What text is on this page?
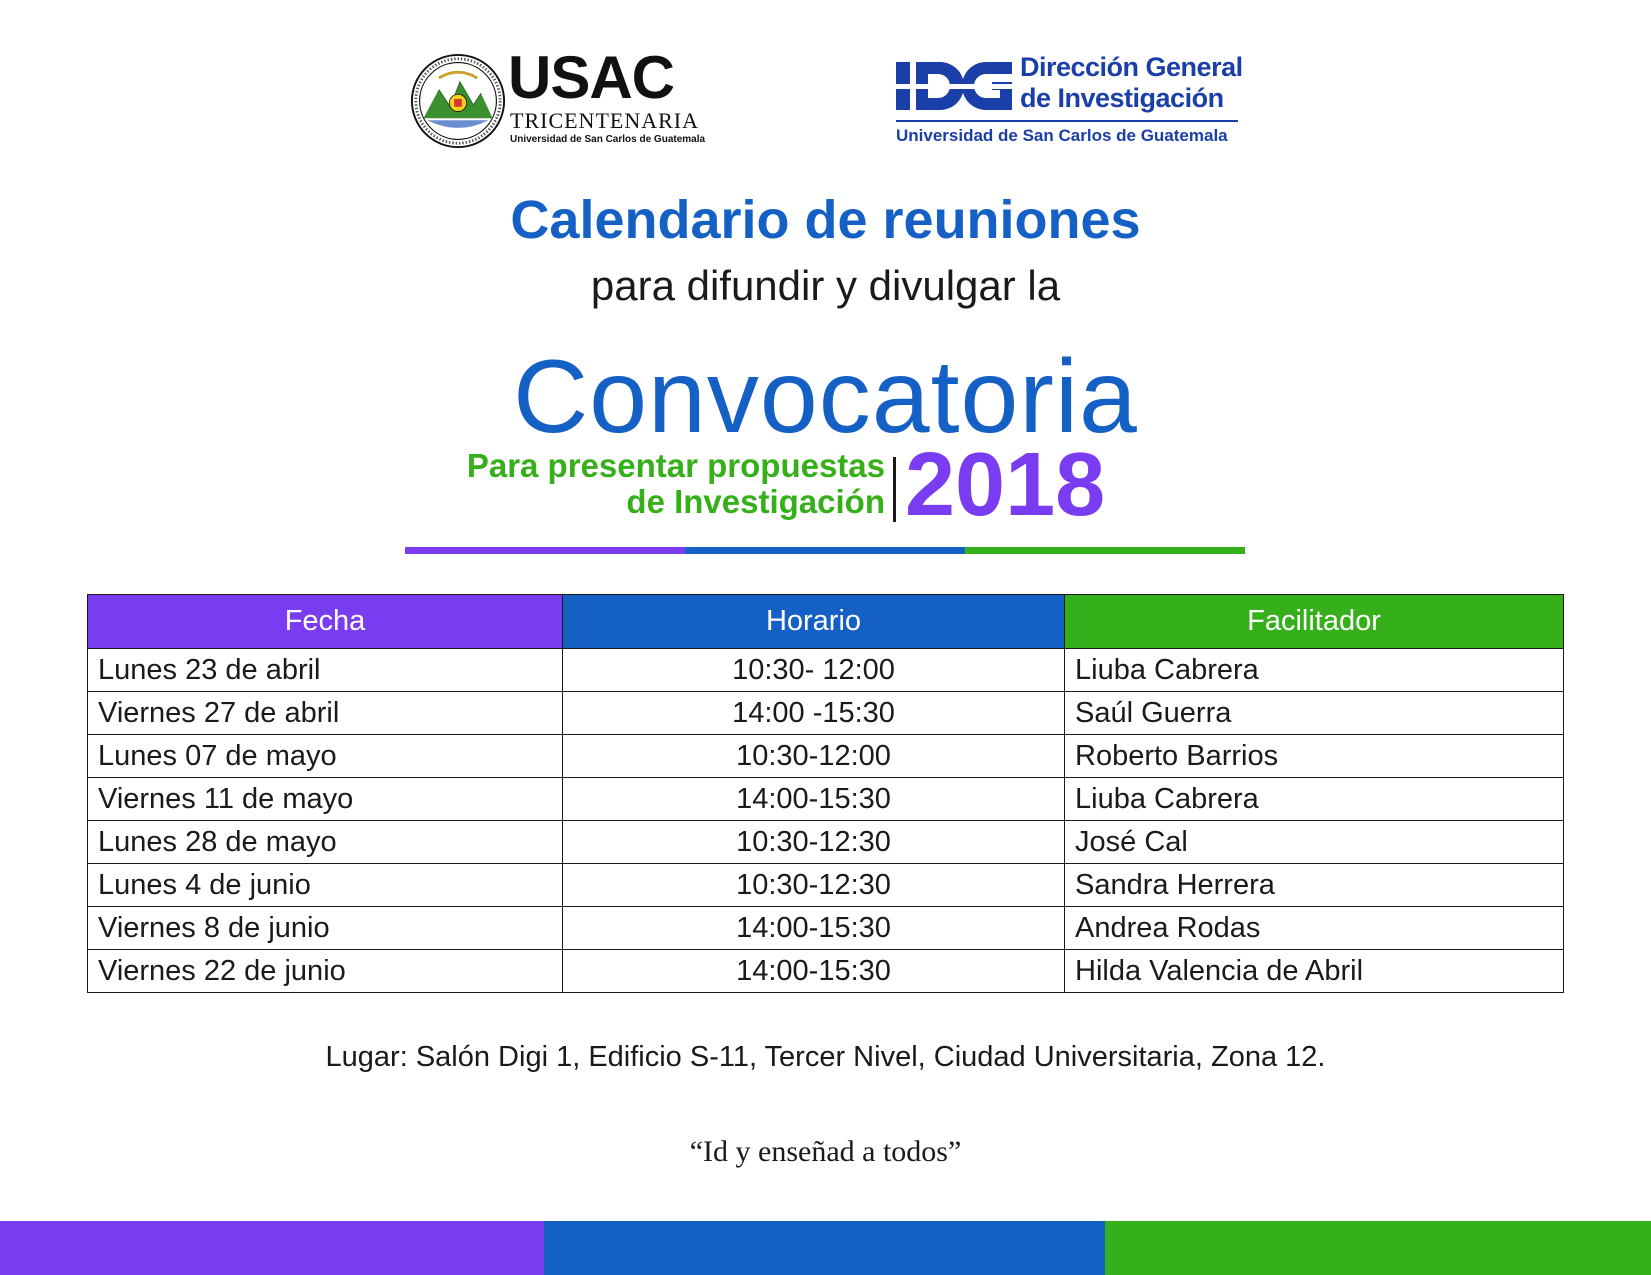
USAC
TRICENTENARIA
Universidad de San Carlos de Guatemala
Dirección General
de Investigación
Universidad de San Carlos de Guatemala
Calendario de reuniones
para difundir y divulgar la
Convocatoria
Para presentar propuestas
de Investigación 2018
Fecha	Horario	Facilitador
Lunes 23 de abril	10:30- 12:00	Liuba Cabrera
Viernes 27 de abril	14:00 -15:30	Saúl Guerra
Lunes 07 de mayo	10:30-12:00	Roberto Barrios
Viernes 11 de mayo	14:00-15:30	Liuba Cabrera
Lunes 28 de mayo	10:30-12:30	José Cal
Lunes 4 de junio	10:30-12:30	Sandra Herrera
Viernes 8 de junio	14:00-15:30	Andrea Rodas
Viernes 22 de junio	14:00-15:30	Hilda Valencia de Abril
Lugar: Salón Digi 1, Edificio S-11, Tercer Nivel, Ciudad Universitaria, Zona 12.
“Id y enseñad a todos”
